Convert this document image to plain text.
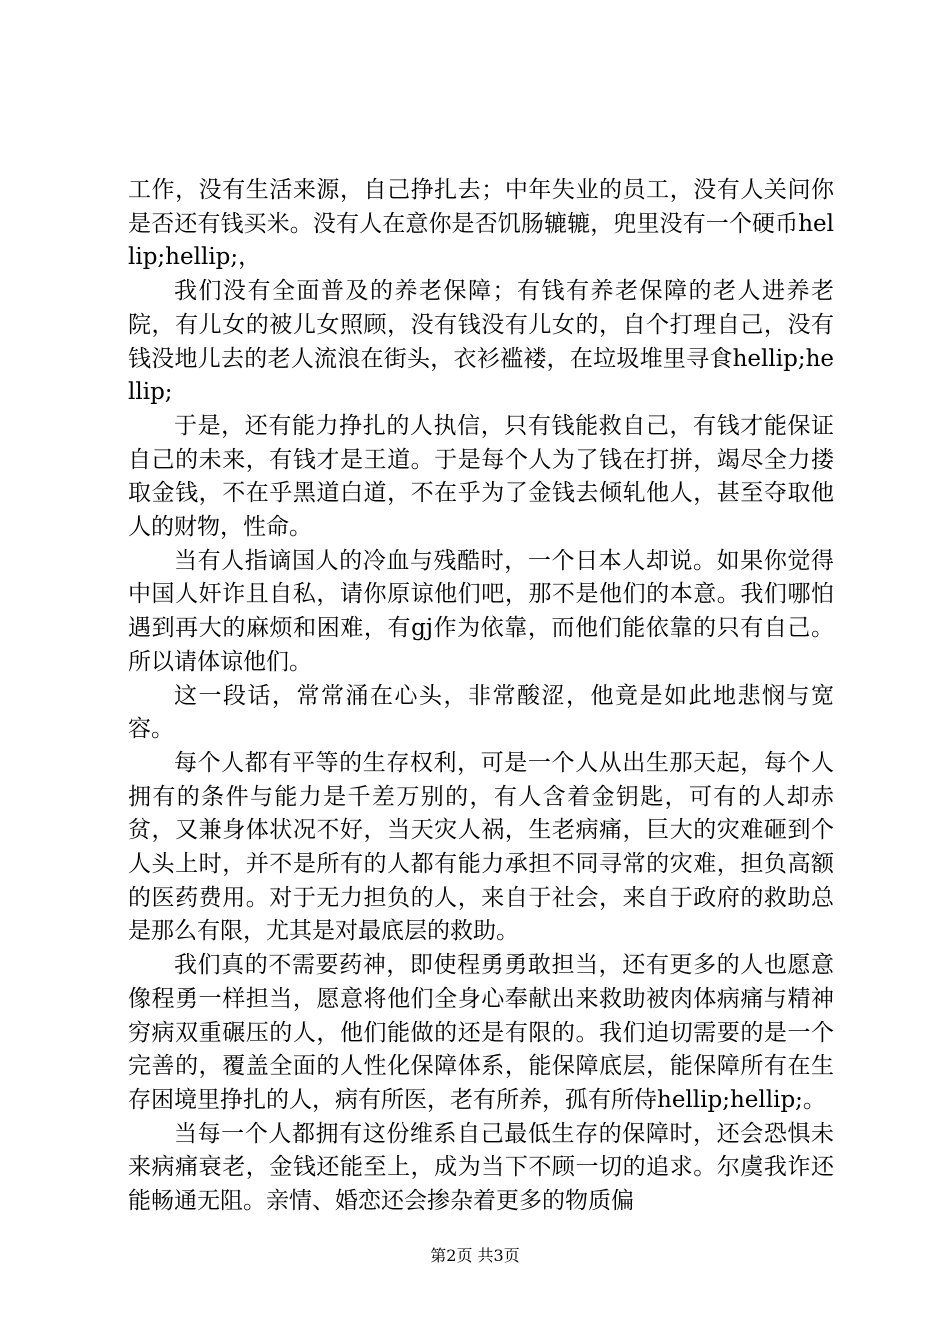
工作，没有生活来源，自己挣扎去；中年失业的员工，没有人关问你是否还有钱买米。没有人在意你是否饥肠辘辘，兜里没有一个硬币hellip;hellip;，

我们没有全面普及的养老保障；有钱有养老保障的老人进养老院，有儿女的被儿女照顾，没有钱没有儿女的，自个打理自己，没有钱没地儿去的老人流浪在街头，衣衫褴褛，在垃圾堆里寻食hellip;hellip;

于是，还有能力挣扎的人执信，只有钱能救自己，有钱才能保证自己的未来，有钱才是王道。于是每个人为了钱在打拼，竭尽全力搂取金钱，不在乎黑道白道，不在乎为了金钱去倾轧他人，甚至夺取他人的财物，性命。

当有人指谪国人的冷血与残酷时，一个日本人却说。如果你觉得中国人奸诈且自私，请你原谅他们吧，那不是他们的本意。我们哪怕遇到再大的麻烦和困难，有gj作为依靠，而他们能依靠的只有自己。所以请体谅他们。

这一段话，常常涌在心头，非常酸涩，他竟是如此地悲悯与宽容。

每个人都有平等的生存权利，可是一个人从出生那天起，每个人拥有的条件与能力是千差万别的，有人含着金钥匙，可有的人却赤贫，又兼身体状况不好，当天灾人祸，生老病痛，巨大的灾难砸到个人头上时，并不是所有的人都有能力承担不同寻常的灾难，担负高额的医药费用。对于无力担负的人，来自于社会，来自于政府的救助总是那么有限，尤其是对最底层的救助。

我们真的不需要药神，即使程勇勇敢担当，还有更多的人也愿意像程勇一样担当，愿意将他们全身心奉献出来救助被肉体病痛与精神穷病双重碾压的人，他们能做的还是有限的。我们迫切需要的是一个完善的，覆盖全面的人性化保障体系，能保障底层，能保障所有在生存困境里挣扎的人，病有所医，老有所养，孤有所侍hellip;hellip;。

当每一个人都拥有这份维系自己最低生存的保障时，还会恐惧未来病痛衰老，金钱还能至上，成为当下不顾一切的追求。尔虞我诈还能畅通无阻。亲情、婚恋还会掺杂着更多的物质偏

第2页 共3页
